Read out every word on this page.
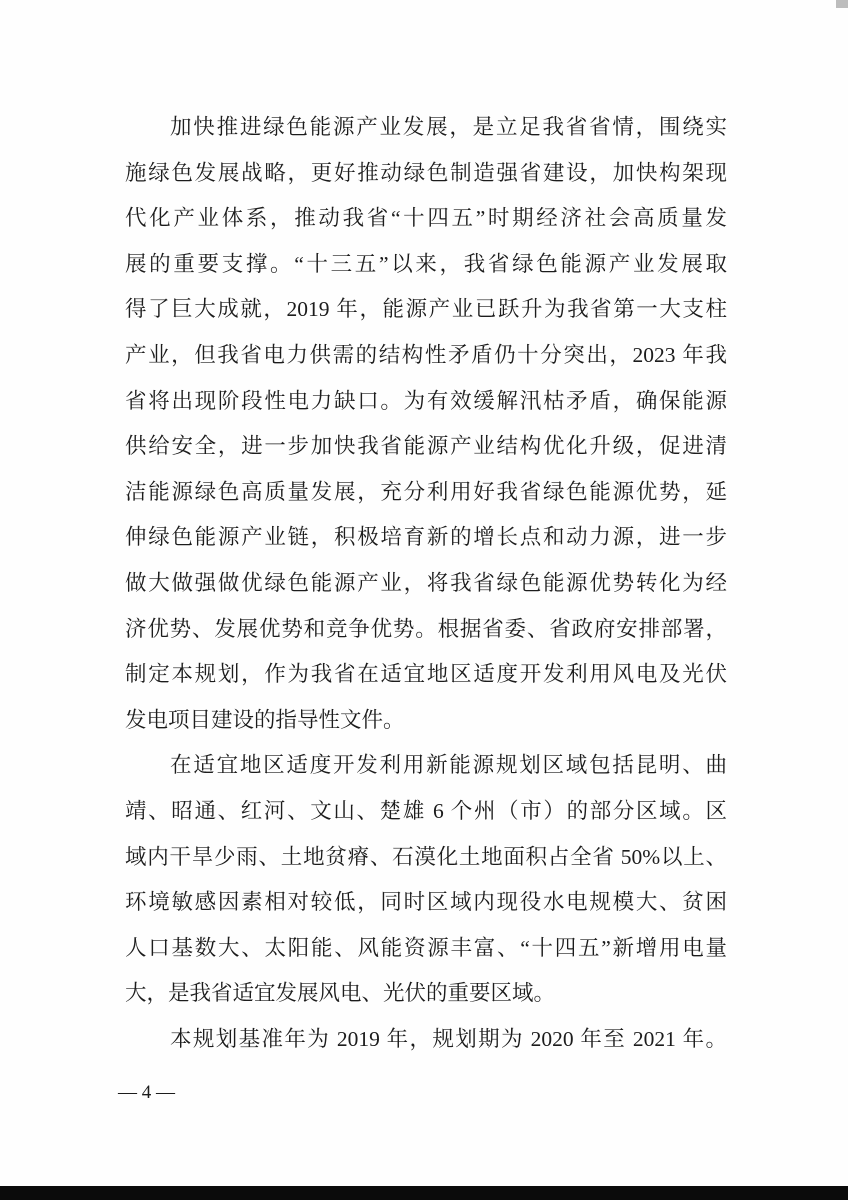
加快推进绿色能源产业发展，是立足我省省情，围绕实
施绿色发展战略，更好推动绿色制造强省建设，加快构架现
代化产业体系，推动我省“十四五”时期经济社会高质量发
展的重要支撑。“十三五”以来，我省绿色能源产业发展取
得了巨大成就，2019 年，能源产业已跃升为我省第一大支柱
产业，但我省电力供需的结构性矛盾仍十分突出，2023 年我
省将出现阶段性电力缺口。为有效缓解汛枯矛盾，确保能源
供给安全，进一步加快我省能源产业结构优化升级，促进清
洁能源绿色高质量发展，充分利用好我省绿色能源优势，延
伸绿色能源产业链，积极培育新的增长点和动力源，进一步
做大做强做优绿色能源产业，将我省绿色能源优势转化为经
济优势、发展优势和竞争优势。根据省委、省政府安排部署，
制定本规划，作为我省在适宜地区适度开发利用风电及光伏
发电项目建设的指导性文件。
在适宜地区适度开发利用新能源规划区域包括昆明、曲
靖、昭通、红河、文山、楚雄 6 个州（市）的部分区域。区
域内干旱少雨、土地贫瘠、石漠化土地面积占全省 50%以上、
环境敏感因素相对较低，同时区域内现役水电规模大、贫困
人口基数大、太阳能、风能资源丰富、“十四五”新增用电量
大，是我省适宜发展风电、光伏的重要区域。
本规划基准年为 2019 年，规划期为 2020 年至 2021 年。
— 4 —
